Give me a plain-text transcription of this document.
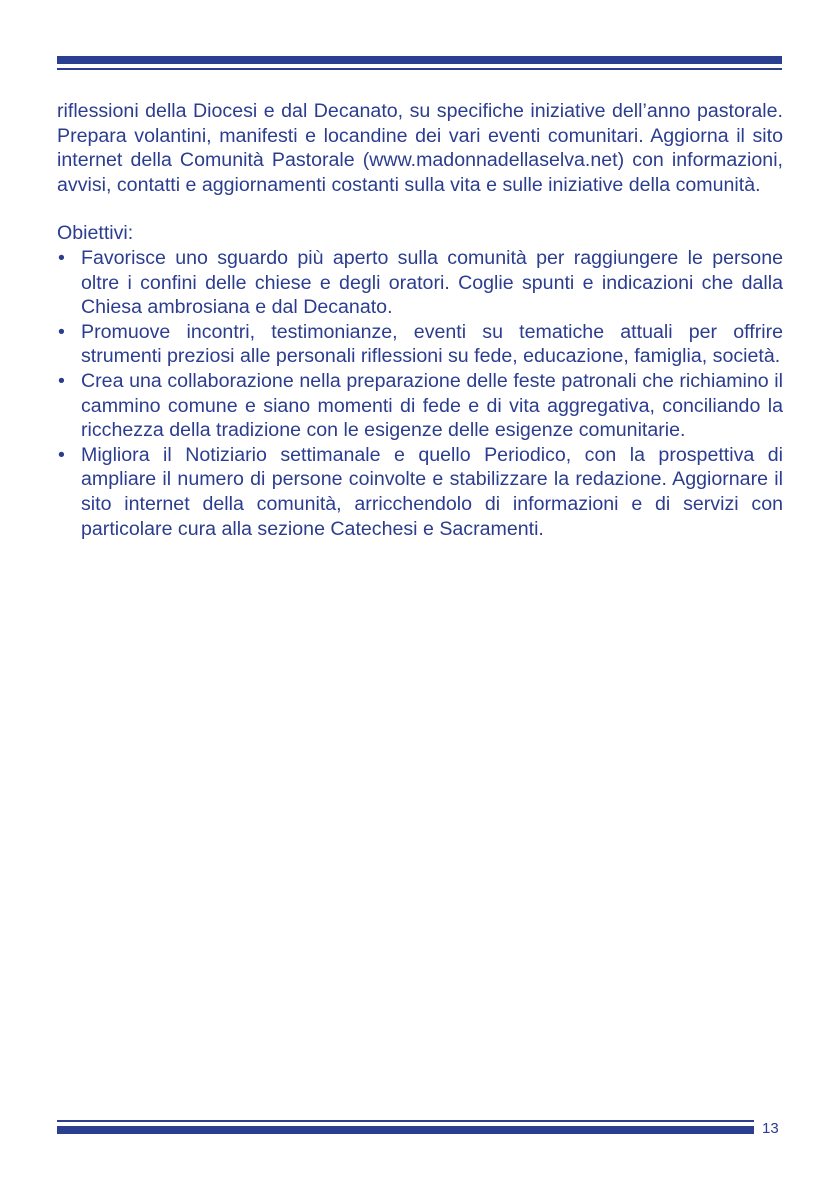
riflessioni della Diocesi e dal Decanato, su specifiche iniziative dell’anno pastorale. Prepara volantini, manifesti e locandine dei vari eventi comunitari. Aggiorna il sito internet della Comunità Pastorale (www.madonnadellaselva.net) con informazioni, avvisi, contatti e aggiornamenti costanti sulla vita e sulle iniziative della comunità.

Obiettivi:

• Favorisce uno sguardo più aperto sulla comunità per raggiungere le persone oltre i confini delle chiese e degli oratori. Coglie spunti e indicazioni che dalla Chiesa ambrosiana e dal Decanato.
• Promuove incontri, testimonianze, eventi su tematiche attuali per offrire strumenti preziosi alle personali riflessioni su fede, educazione, famiglia, società.
• Crea una collaborazione nella preparazione delle feste patronali che richiamino il cammino comune e siano momenti di fede e di vita aggregativa, conciliando la ricchezza della tradizione con le esigenze delle esigenze comunitarie.
• Migliora il Notiziario settimanale e quello Periodico, con la prospettiva di ampliare il numero di persone coinvolte e stabilizzare la redazione. Aggiornare il sito internet della comunità, arricchendolo di informazioni e di servizi con particolare cura alla sezione Catechesi e Sacramenti.
13
